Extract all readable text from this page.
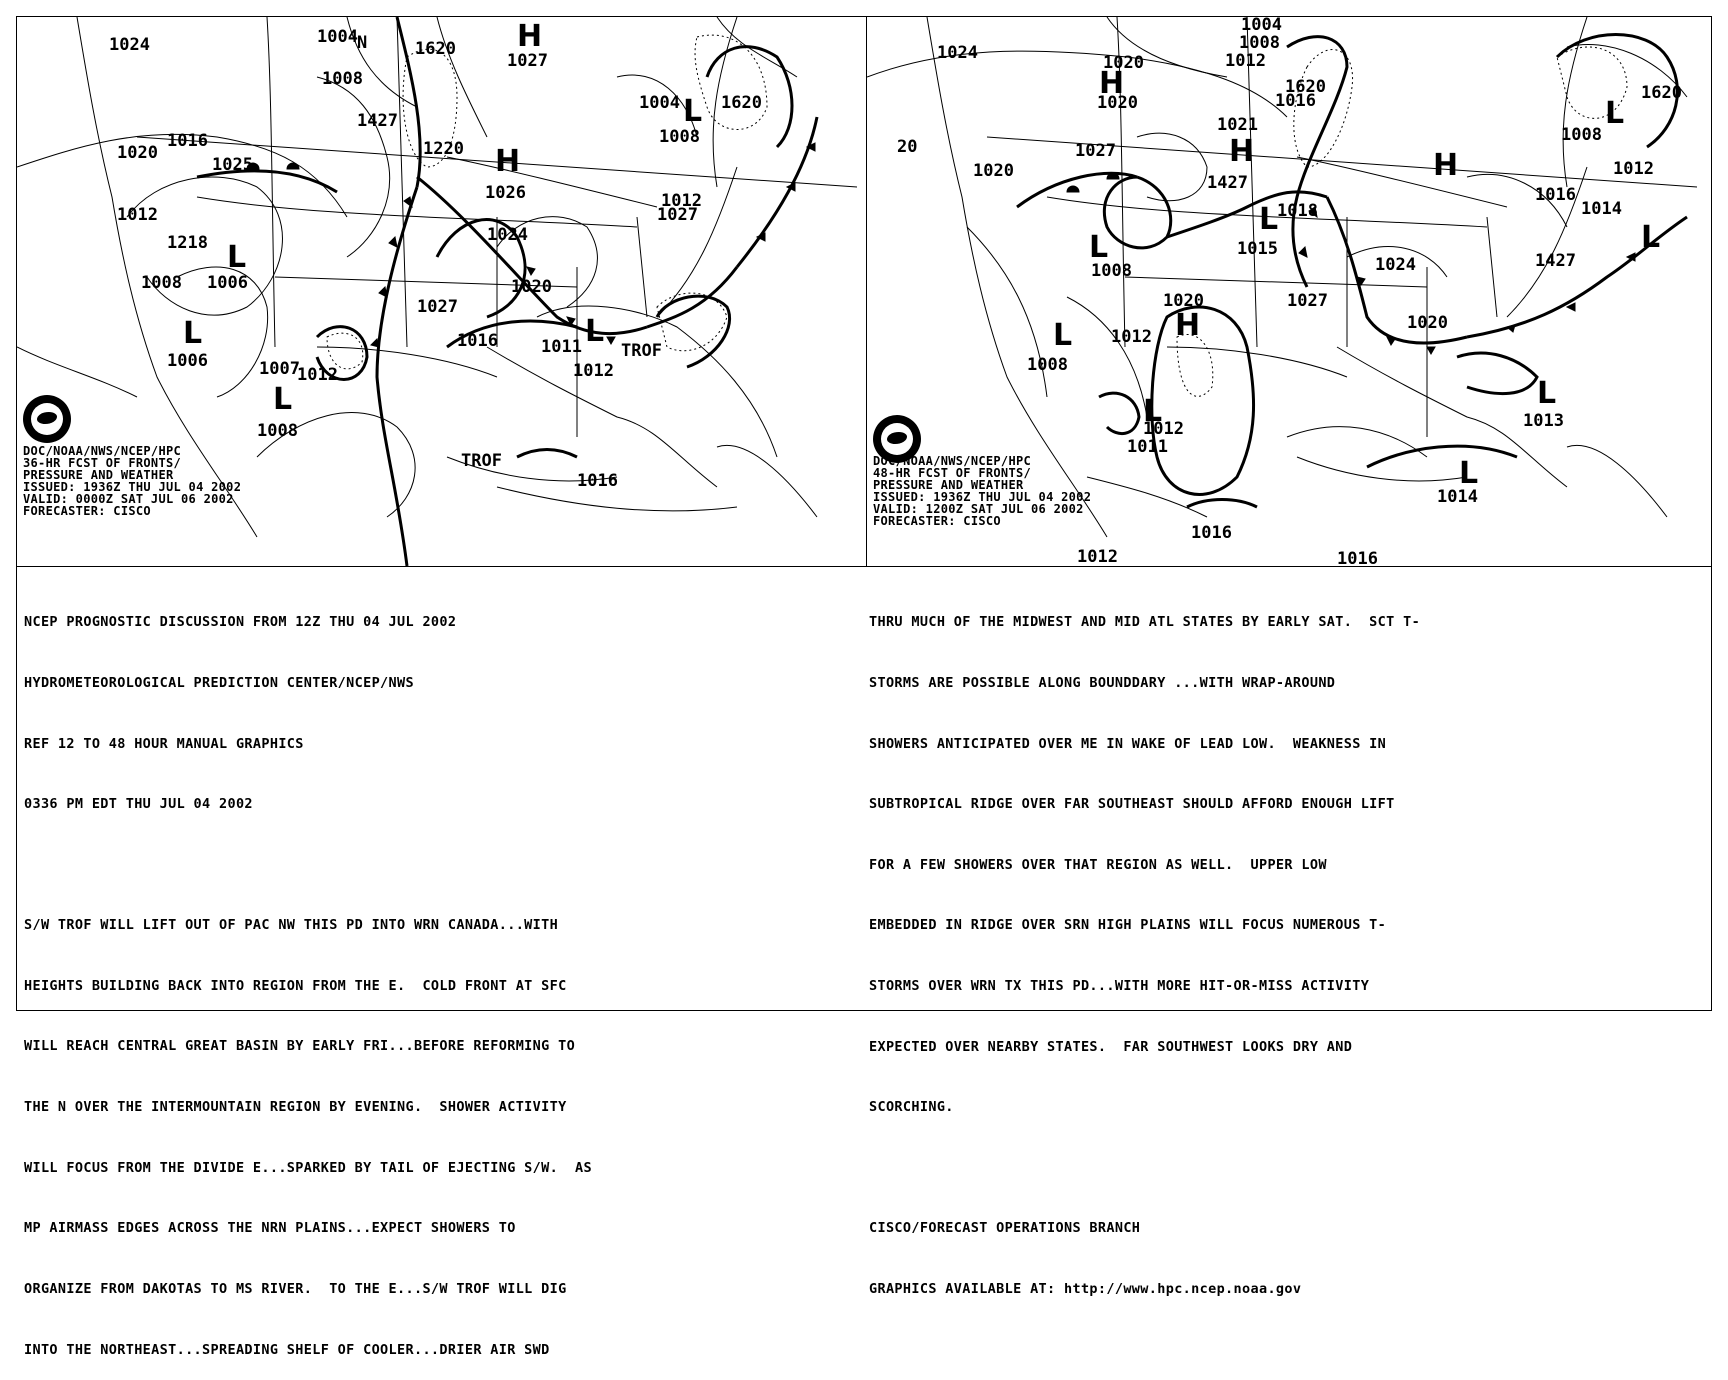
1024	1004 N
1020
1008
1027
1016
1025
1012
1008 1006
1006	1007
1012
1008
1026
1024
1020
1027
1016	1011
1012
1016
1004
1008
1012
1027
TROF
TROF
1218
1620
1427
1220
1620
H
H
L
L
L
L
L
DOC/NOAA/NWS/NCEP/HPC
36-HR FCST OF FRONTS/
PRESSURE AND WEATHER
ISSUED: 1936Z THU JUL 04 2002
VALID: 0000Z SAT JUL 06 2002
FORECASTER: CISCO
1024
1004
1008
1012
1020
1020
1620
1016
20	1027
1021
1020
1427
1018
1015
1008
1027
1024
1020
1012
1008
1012
1011
1016
1020
1008
1012
1016
1014
1427
1013
1014
1012	1016
1620
H
H	H
H
L
L
L
L
L
L
L
L
DOC/NOAA/NWS/NCEP/HPC
48-HR FCST OF FRONTS/
PRESSURE AND WEATHER
ISSUED: 1936Z THU JUL 04 2002
VALID: 1200Z SAT JUL 06 2002
FORECASTER: CISCO

NCEP PROGNOSTIC DISCUSSION FROM 12Z THU 04 JUL 2002

HYDROMETEOROLOGICAL PREDICTION CENTER/NCEP/NWS

REF 12 TO 48 HOUR MANUAL GRAPHICS

0336 PM EDT THU JUL 04 2002

S/W TROF WILL LIFT OUT OF PAC NW THIS PD INTO WRN CANADA...WITH

HEIGHTS BUILDING BACK INTO REGION FROM THE E.  COLD FRONT AT SFC

WILL REACH CENTRAL GREAT BASIN BY EARLY FRI...BEFORE REFORMING TO

THE N OVER THE INTERMOUNTAIN REGION BY EVENING.  SHOWER ACTIVITY

WILL FOCUS FROM THE DIVIDE E...SPARKED BY TAIL OF EJECTING S/W.  AS

MP AIRMASS EDGES ACROSS THE NRN PLAINS...EXPECT SHOWERS TO

ORGANIZE FROM DAKOTAS TO MS RIVER.  TO THE E...S/W TROF WILL DIG

INTO THE NORTHEAST...SPREADING SHELF OF COOLER...DRIER AIR SWD

THRU MUCH OF THE MIDWEST AND MID ATL STATES BY EARLY SAT.  SCT T-

STORMS ARE POSSIBLE ALONG BOUNDDARY ...WITH WRAP-AROUND

SHOWERS ANTICIPATED OVER ME IN WAKE OF LEAD LOW.  WEAKNESS IN

SUBTROPICAL RIDGE OVER FAR SOUTHEAST SHOULD AFFORD ENOUGH LIFT

FOR A FEW SHOWERS OVER THAT REGION AS WELL.  UPPER LOW

EMBEDDED IN RIDGE OVER SRN HIGH PLAINS WILL FOCUS NUMEROUS T-

STORMS OVER WRN TX THIS PD...WITH MORE HIT-OR-MISS ACTIVITY

EXPECTED OVER NEARBY STATES.  FAR SOUTHWEST LOOKS DRY AND

SCORCHING.

CISCO/FORECAST OPERATIONS BRANCH

GRAPHICS AVAILABLE AT: http://www.hpc.ncep.noaa.gov
